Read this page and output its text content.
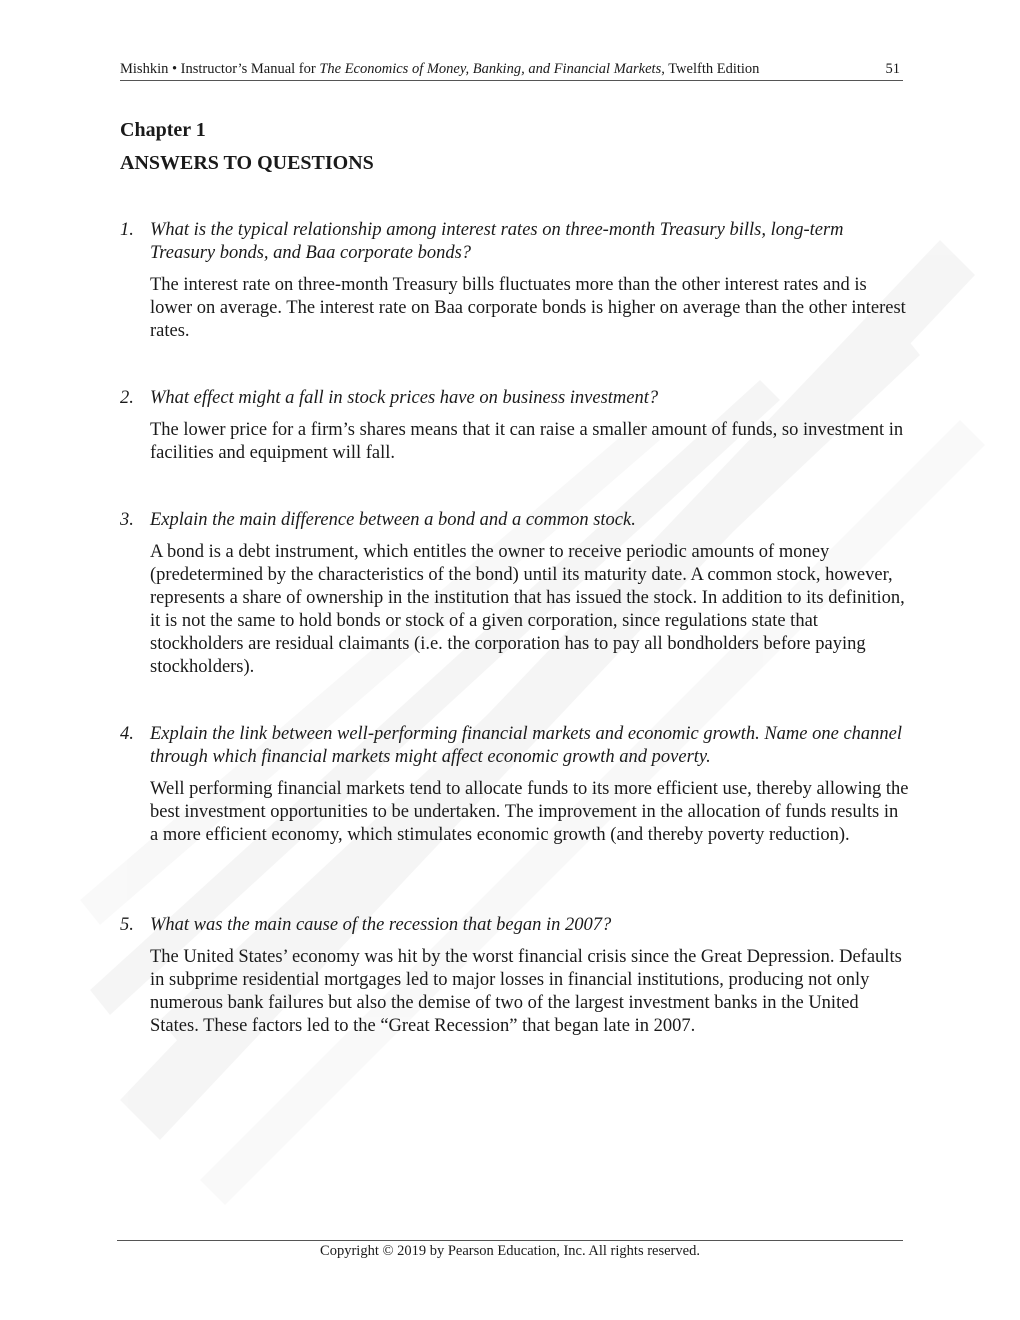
Mishkin • Instructor’s Manual for The Economics of Money, Banking, and Financial Markets, Twelfth Edition	51
Chapter 1
ANSWERS TO QUESTIONS
1. What is the typical relationship among interest rates on three-month Treasury bills, long-term Treasury bonds, and Baa corporate bonds?
The interest rate on three-month Treasury bills fluctuates more than the other interest rates and is lower on average. The interest rate on Baa corporate bonds is higher on average than the other interest rates.
2. What effect might a fall in stock prices have on business investment?
The lower price for a firm’s shares means that it can raise a smaller amount of funds, so investment in facilities and equipment will fall.
3. Explain the main difference between a bond and a common stock.
A bond is a debt instrument, which entitles the owner to receive periodic amounts of money (predetermined by the characteristics of the bond) until its maturity date. A common stock, however, represents a share of ownership in the institution that has issued the stock. In addition to its definition, it is not the same to hold bonds or stock of a given corporation, since regulations state that stockholders are residual claimants (i.e. the corporation has to pay all bondholders before paying stockholders).
4. Explain the link between well-performing financial markets and economic growth. Name one channel through which financial markets might affect economic growth and poverty.
Well performing financial markets tend to allocate funds to its more efficient use, thereby allowing the best investment opportunities to be undertaken. The improvement in the allocation of funds results in a more efficient economy, which stimulates economic growth (and thereby poverty reduction).
5. What was the main cause of the recession that began in 2007?
The United States’ economy was hit by the worst financial crisis since the Great Depression. Defaults in subprime residential mortgages led to major losses in financial institutions, producing not only numerous bank failures but also the demise of two of the largest investment banks in the United States. These factors led to the “Great Recession” that began late in 2007.
Copyright © 2019 by Pearson Education, Inc. All rights reserved.
